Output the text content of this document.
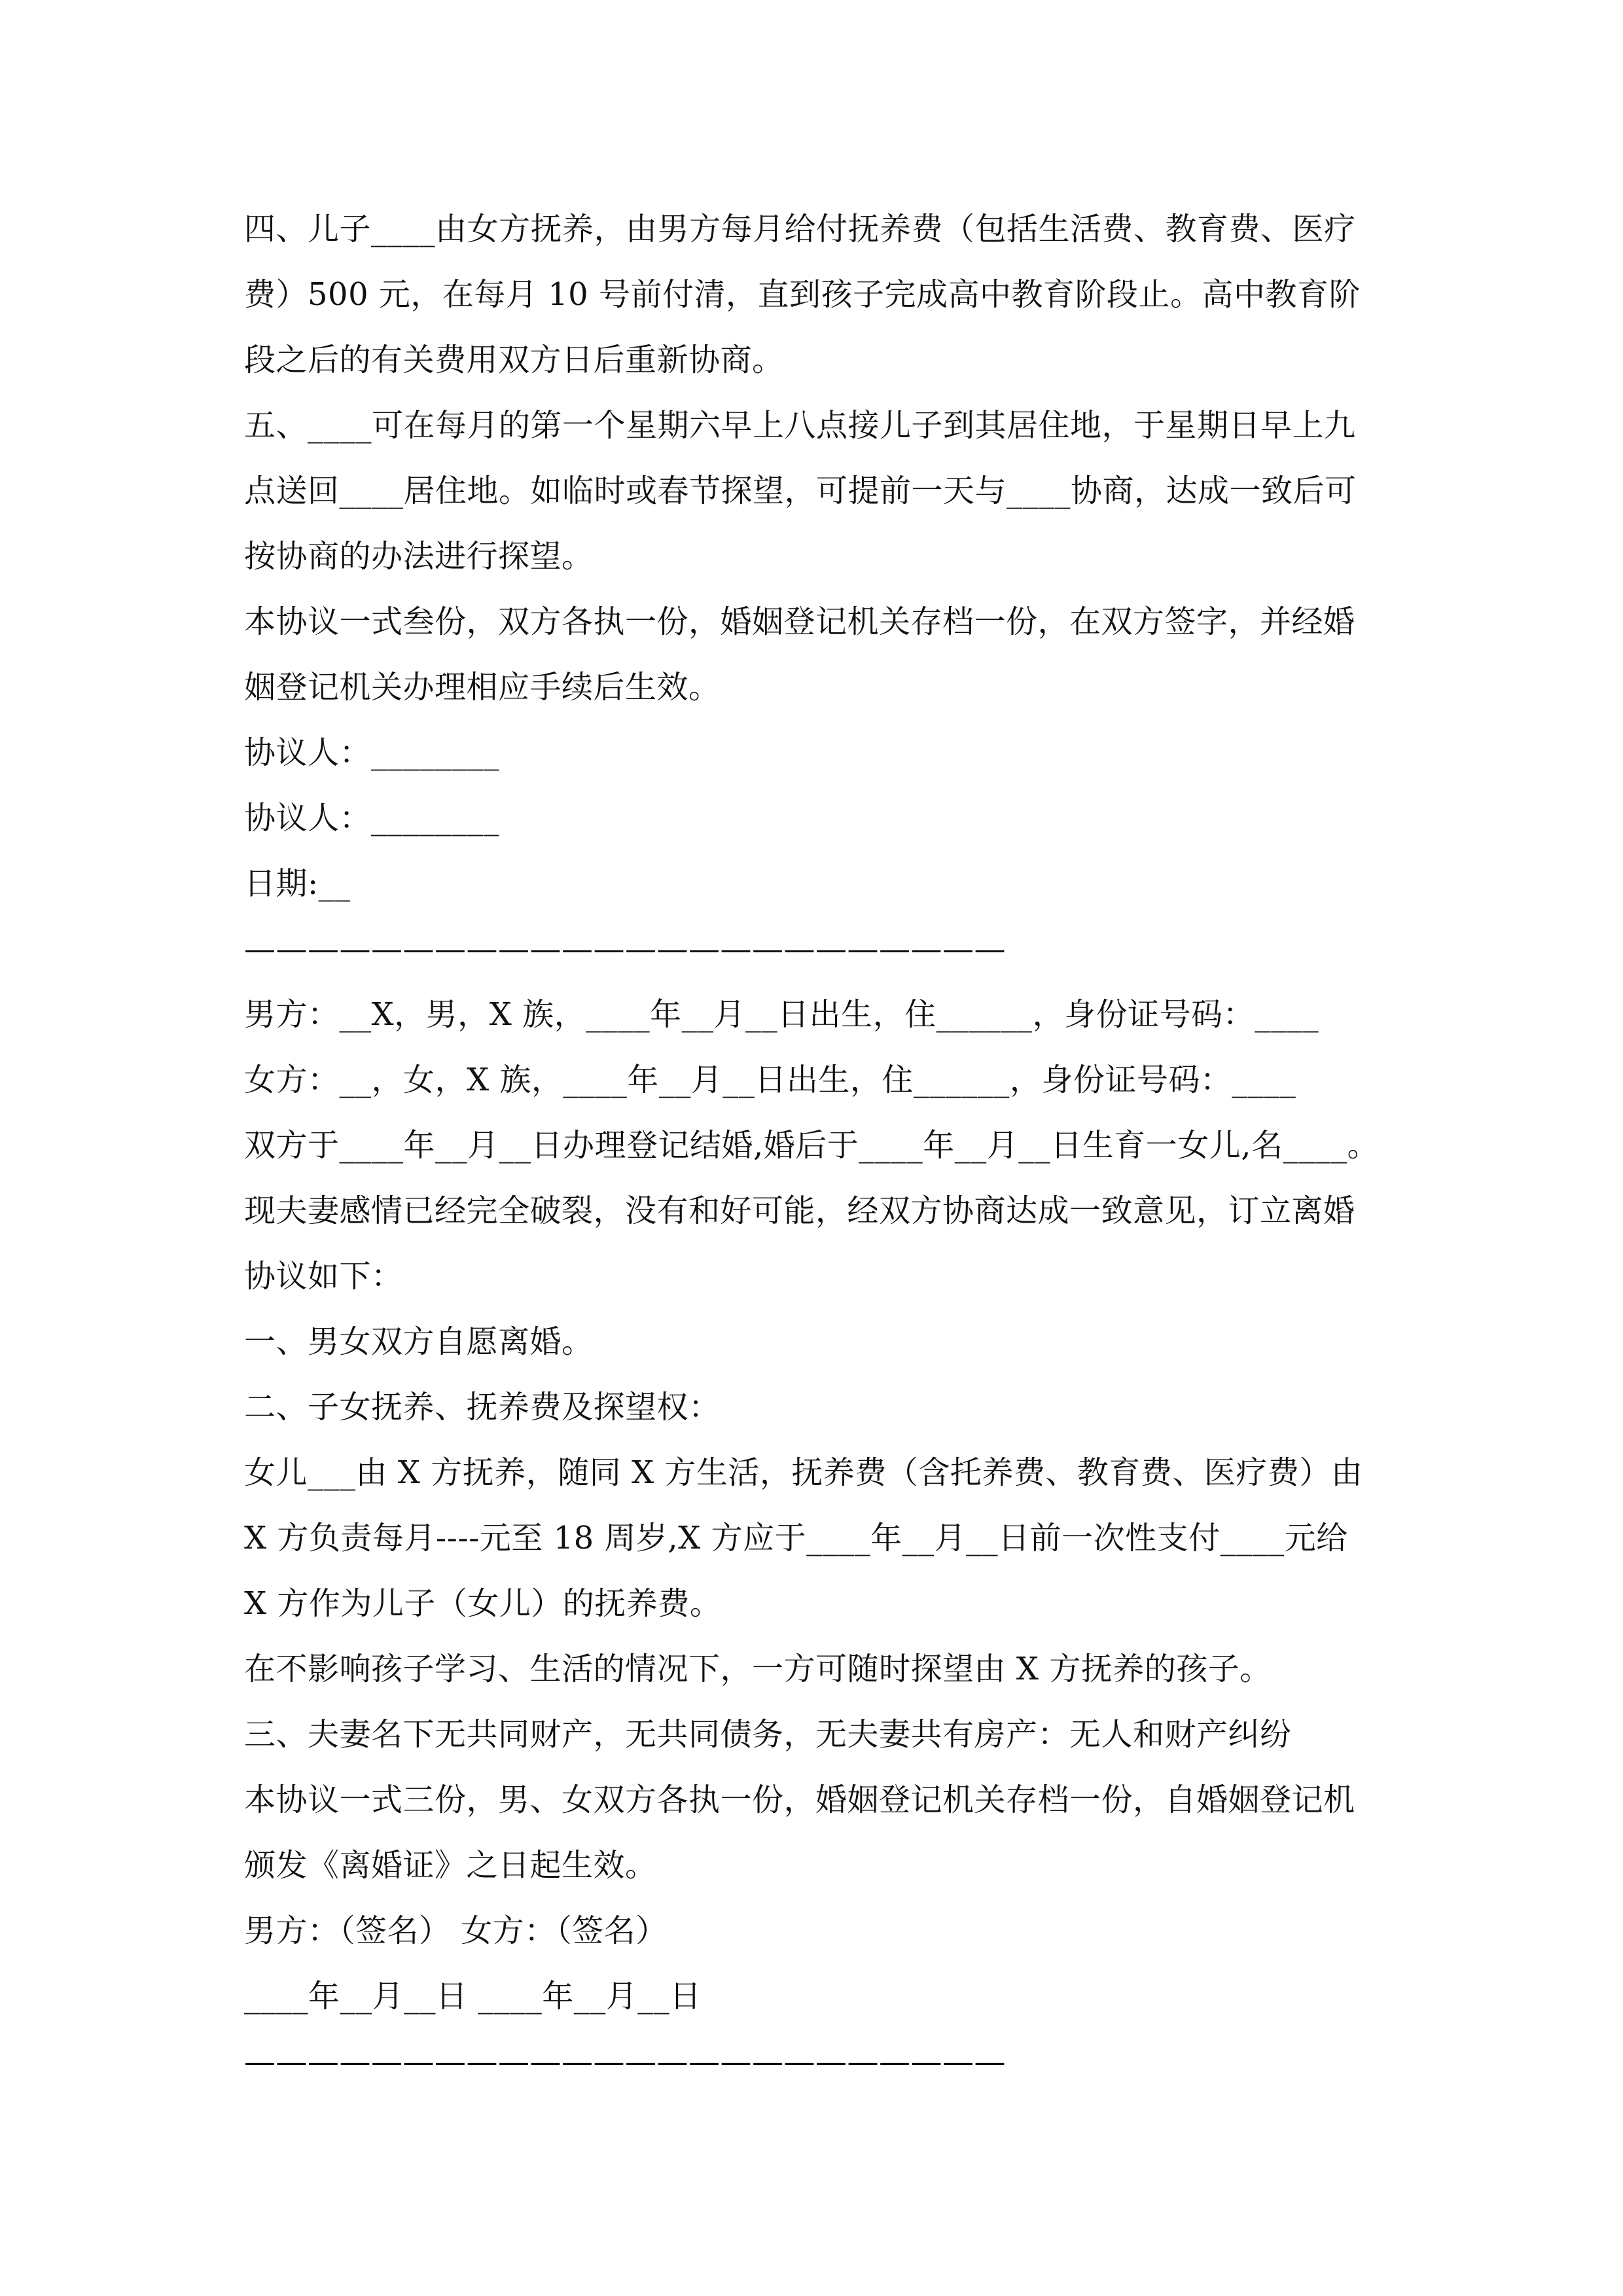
四、儿子____由女方抚养，由男方每月给付抚养费（包括生活费、教育费、医疗
费）500 元，在每月 10 号前付清，直到孩子完成高中教育阶段止。高中教育阶
段之后的有关费用双方日后重新协商。
五、____可在每月的第一个星期六早上八点接儿子到其居住地，于星期日早上九
点送回____居住地。如临时或春节探望，可提前一天与____协商，达成一致后可
按协商的办法进行探望。
本协议一式叁份，双方各执一份，婚姻登记机关存档一份，在双方签字，并经婚
姻登记机关办理相应手续后生效。
协议人：________
协议人：________
日期:__
————————————————————————
男方：__X，男，X 族，____年__月__日出生，住______，身份证号码：____
女方：__，女，X 族，____年__月__日出生，住______，身份证号码：____
双方于____年__月__日办理登记结婚,婚后于____年__月__日生育一女儿,名____。
现夫妻感情已经完全破裂，没有和好可能，经双方协商达成一致意见，订立离婚
协议如下：
一、男女双方自愿离婚。
二、子女抚养、抚养费及探望权：
女儿___由 X 方抚养，随同 X 方生活，抚养费（含托养费、教育费、医疗费）由
X 方负责每月----元至 18 周岁,X 方应于____年__月__日前一次性支付____元给
X 方作为儿子（女儿）的抚养费。
在不影响孩子学习、生活的情况下，一方可随时探望由 X 方抚养的孩子。
三、夫妻名下无共同财产，无共同债务，无夫妻共有房产：无人和财产纠纷
本协议一式三份，男、女双方各执一份，婚姻登记机关存档一份，自婚姻登记机
颁发《离婚证》之日起生效。
男方：（签名） 女方：（签名）
____年__月__日 ____年__月__日
————————————————————————
